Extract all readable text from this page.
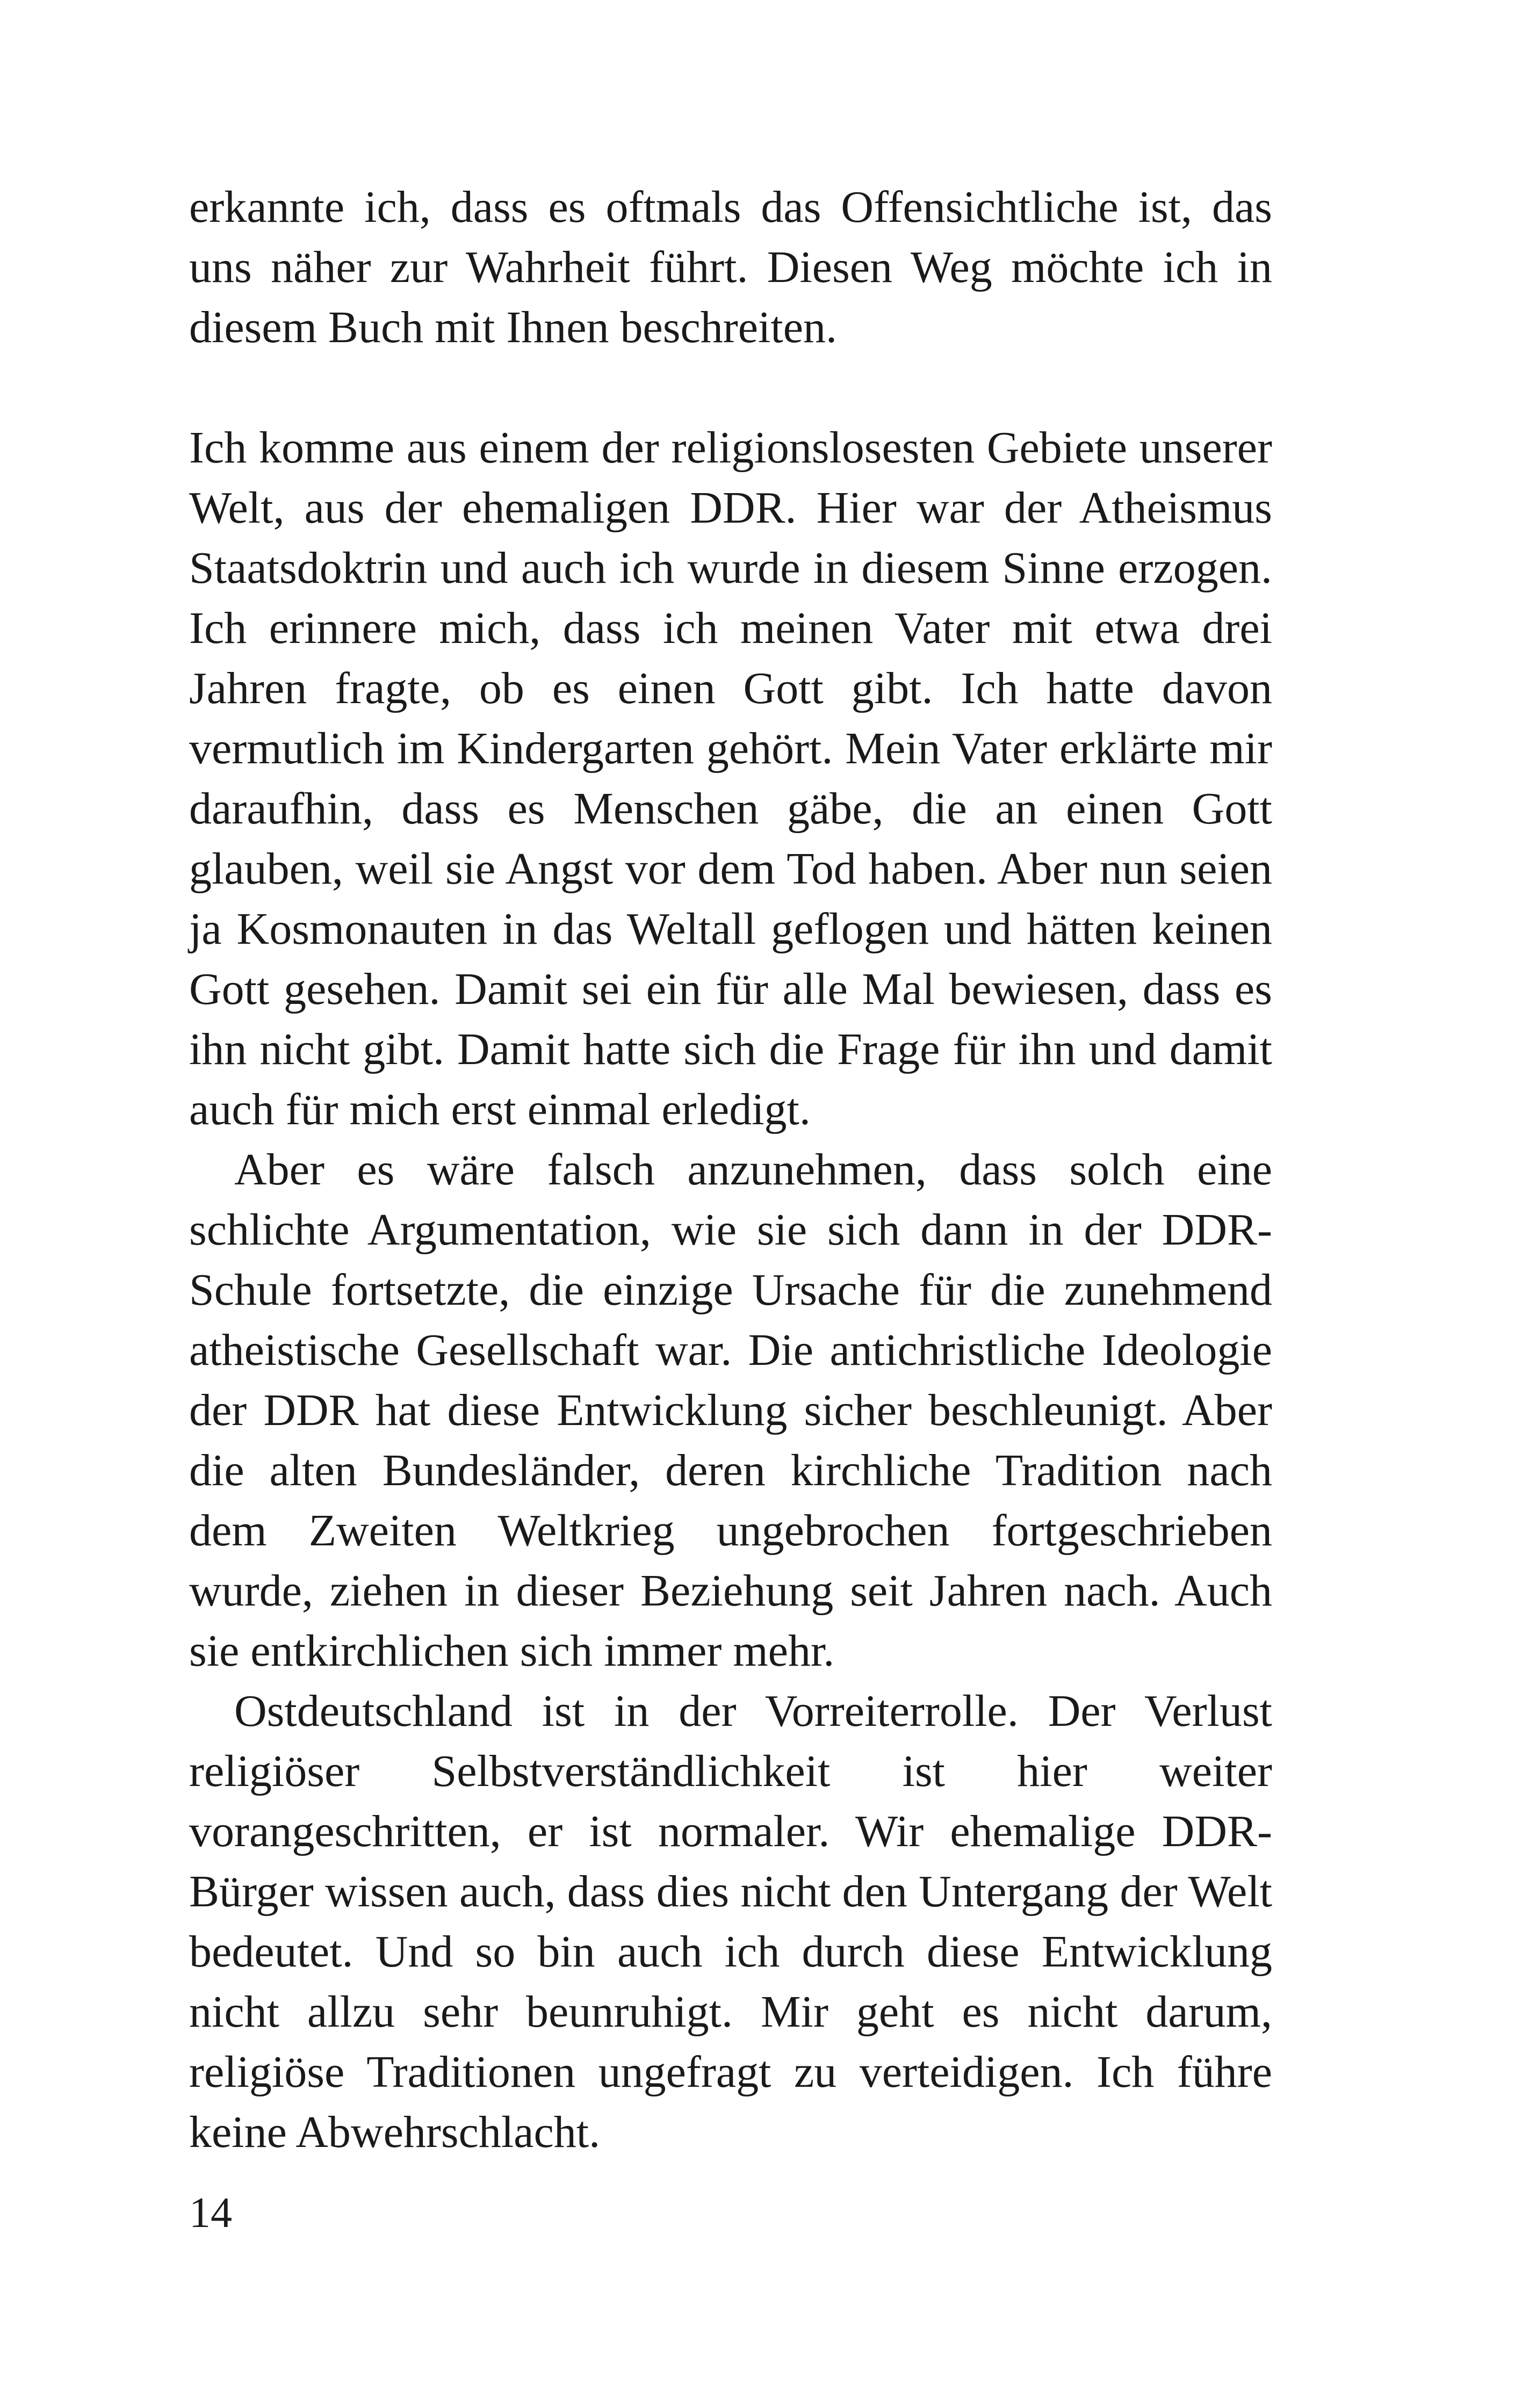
erkannte ich, dass es oftmals das Offensichtliche ist, das uns näher zur Wahrheit führt. Diesen Weg möchte ich in diesem Buch mit Ihnen beschreiten.

Ich komme aus einem der religionslosesten Gebiete unserer Welt, aus der ehemaligen DDR. Hier war der Atheismus Staatsdoktrin und auch ich wurde in diesem Sinne erzogen. Ich erinnere mich, dass ich meinen Vater mit etwa drei Jahren fragte, ob es einen Gott gibt. Ich hatte davon vermutlich im Kindergarten gehört. Mein Vater erklärte mir daraufhin, dass es Menschen gäbe, die an einen Gott glauben, weil sie Angst vor dem Tod haben. Aber nun seien ja Kosmonauten in das Weltall geflogen und hätten keinen Gott gesehen. Damit sei ein für alle Mal bewiesen, dass es ihn nicht gibt. Damit hatte sich die Frage für ihn und damit auch für mich erst einmal erledigt.

Aber es wäre falsch anzunehmen, dass solch eine schlichte Argumentation, wie sie sich dann in der DDR-Schule fortsetzte, die einzige Ursache für die zunehmend atheistische Gesellschaft war. Die antichristliche Ideologie der DDR hat diese Entwicklung sicher beschleunigt. Aber die alten Bundesländer, deren kirchliche Tradition nach dem Zweiten Weltkrieg ungebrochen fortgeschrieben wurde, ziehen in dieser Beziehung seit Jahren nach. Auch sie entkirchlichen sich immer mehr.

Ostdeutschland ist in der Vorreiterrolle. Der Verlust religiöser Selbstverständlichkeit ist hier weiter vorangeschritten, er ist normaler. Wir ehemalige DDR-Bürger wissen auch, dass dies nicht den Untergang der Welt bedeutet. Und so bin auch ich durch diese Entwicklung nicht allzu sehr beunruhigt. Mir geht es nicht darum, religiöse Traditionen ungefragt zu verteidigen. Ich führe keine Abwehrschlacht.

14
